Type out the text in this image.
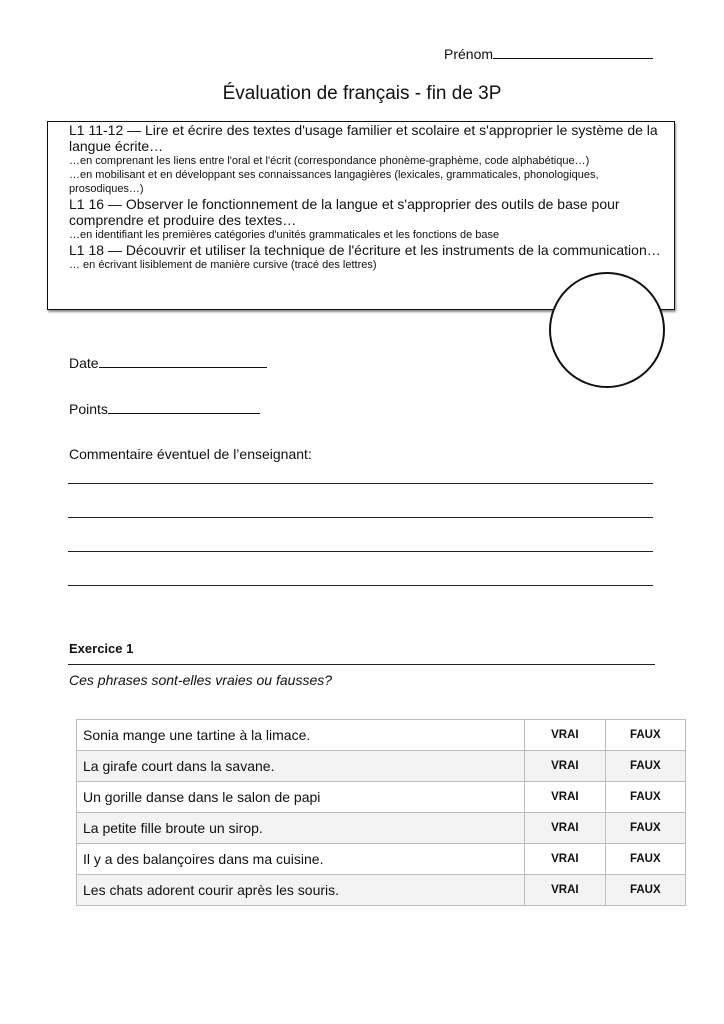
Prénom
Évaluation de français - fin de 3P

L1 11-12 — Lire et écrire des textes d'usage familier et scolaire et s'approprier le système de la langue écrite…

…en comprenant les liens entre l'oral et l'écrit (correspondance phonème-graphème, code alphabétique…)

…en mobilisant et en développant ses connaissances langagières (lexicales, grammaticales, phonologiques, prosodiques…)

L1 16 — Observer le fonctionnement de la langue et s'approprier des outils de base pour comprendre et produire des textes…

…en identifiant les premières catégories d'unités grammaticales et les fonctions de base

L1 18 — Découvrir et utiliser la technique de l'écriture et les instruments de la communication…

… en écrivant lisiblement de manière cursive (tracé des lettres)

Date
Points
Commentaire éventuel de l’enseignant:
Exercice 1
Ces phrases sont-elles vraies ou fausses?
Sonia mange une tartine à la limace.	VRAI	FAUX
La girafe court dans la savane.	VRAI	FAUX
Un gorille danse dans le salon de papi	VRAI	FAUX
La petite fille broute un sirop.	VRAI	FAUX
Il y a des balançoires dans ma cuisine.	VRAI	FAUX
Les chats adorent courir après les souris.	VRAI	FAUX
